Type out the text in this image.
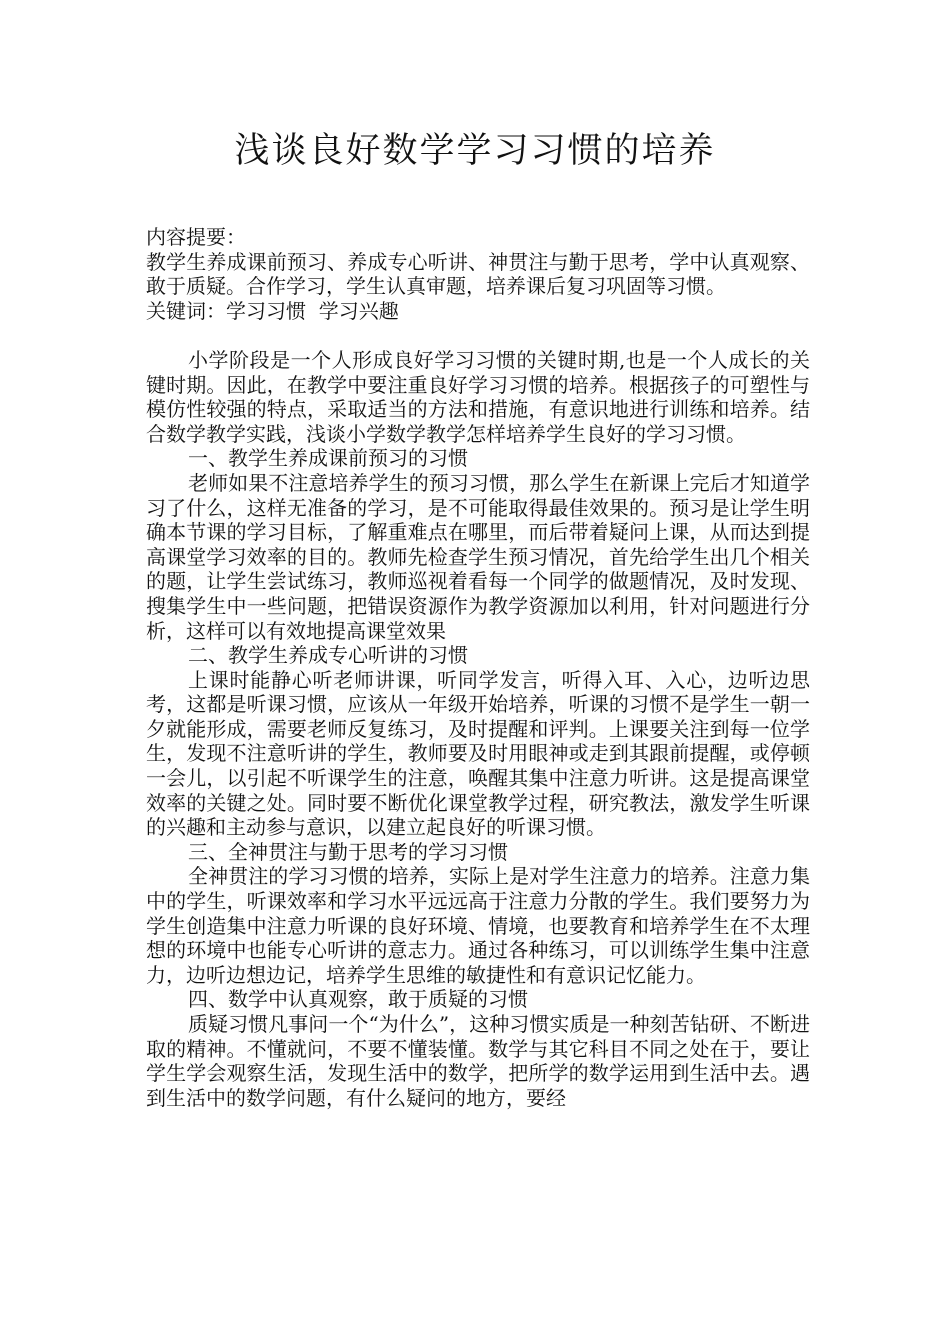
浅谈良好数学学习习惯的培养

内容提要：

教学生养成课前预习、养成专心听讲、神贯注与勤于思考，学中认真观察、敢于质疑。合作学习，学生认真审题，培养课后复习巩固等习惯。

关键词：学习习惯  学习兴趣

小学阶段是一个人形成良好学习习惯的关键时期,也是一个人成长的关键时期。因此，在教学中要注重良好学习习惯的培养。根据孩子的可塑性与模仿性较强的特点，采取适当的方法和措施，有意识地进行训练和培养。结合数学教学实践，浅谈小学数学教学怎样培养学生良好的学习习惯。

一、教学生养成课前预习的习惯

老师如果不注意培养学生的预习习惯，那么学生在新课上完后才知道学习了什么，这样无准备的学习，是不可能取得最佳效果的。预习是让学生明确本节课的学习目标，了解重难点在哪里，而后带着疑问上课，从而达到提高课堂学习效率的目的。教师先检查学生预习情况，首先给学生出几个相关的题，让学生尝试练习，教师巡视着看每一个同学的做题情况，及时发现、搜集学生中一些问题，把错误资源作为教学资源加以利用，针对问题进行分析，这样可以有效地提高课堂效果

二、教学生养成专心听讲的习惯

上课时能静心听老师讲课，听同学发言，听得入耳、入心，边听边思考，这都是听课习惯，应该从一年级开始培养，听课的习惯不是学生一朝一夕就能形成，需要老师反复练习，及时提醒和评判。上课要关注到每一位学生，发现不注意听讲的学生，教师要及时用眼神或走到其跟前提醒，或停顿一会儿，以引起不听课学生的注意，唤醒其集中注意力听讲。这是提高课堂效率的关键之处。同时要不断优化课堂教学过程，研究教法，激发学生听课的兴趣和主动参与意识，以建立起良好的听课习惯。

三、全神贯注与勤于思考的学习习惯

全神贯注的学习习惯的培养，实际上是对学生注意力的培养。注意力集中的学生，听课效率和学习水平远远高于注意力分散的学生。我们要努力为学生创造集中注意力听课的良好环境、情境，也要教育和培养学生在不太理想的环境中也能专心听讲的意志力。通过各种练习，可以训练学生集中注意力，边听边想边记，培养学生思维的敏捷性和有意识记忆能力。

四、数学中认真观察，敢于质疑的习惯

质疑习惯凡事问一个“为什么”，这种习惯实质是一种刻苦钻研、不断进取的精神。不懂就问，不要不懂装懂。数学与其它科目不同之处在于，要让学生学会观察生活，发现生活中的数学，把所学的数学运用到生活中去。遇到生活中的数学问题，有什么疑问的地方，要经
